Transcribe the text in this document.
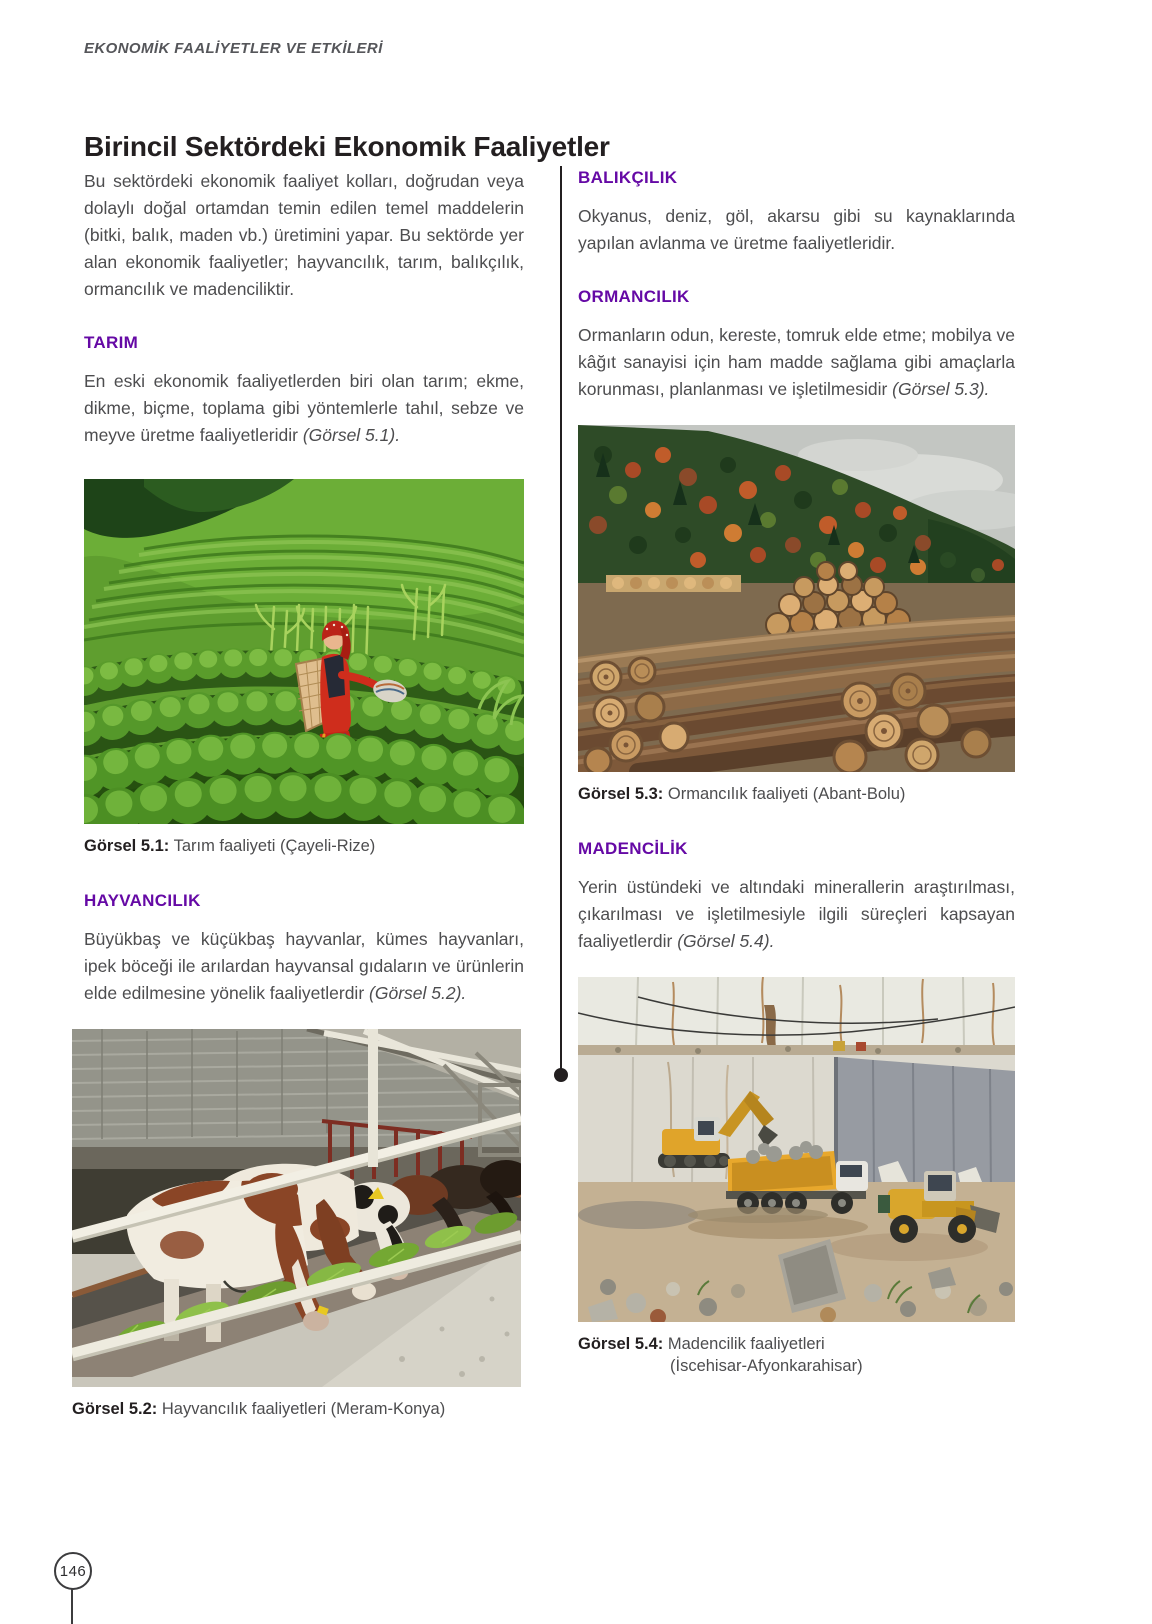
EKONOMİK FAALİYETLER VE ETKİLERİ
Birincil Sektördeki Ekonomik Faaliyetler

Bu sektördeki ekonomik faaliyet kolları, doğrudan veya dolaylı doğal ortamdan temin edilen temel maddelerin (bitki, balık, maden vb.) üretimini yapar. Bu sektörde yer alan ekonomik faaliyetler; hayvancılık, tarım, balıkçılık, ormancılık ve madenciliktir.

TARIM

En eski ekonomik faaliyetlerden biri olan tarım; ekme, dikme, biçme, toplama gibi yöntemlerle tahıl, sebze ve meyve üretme faaliyetleridir (Görsel 5.1).

Görsel 5.1: Tarım faaliyeti (Çayeli-Rize)
HAYVANCILIK

Büyükbaş ve küçükbaş hayvanlar, kümes hayvanları, ipek böceği ile arılardan hayvansal gıdaların ve ürünlerin elde edilmesine yönelik faaliyetlerdir (Görsel 5.2).

Görsel 5.2: Hayvancılık faaliyetleri (Meram-Konya)
BALIKÇILIK

Okyanus, deniz, göl, akarsu gibi su kaynaklarında yapılan avlanma ve üretme faaliyetleridir.

ORMANCILIK

Ormanların odun, kereste, tomruk elde etme; mobilya ve kâğıt sanayisi için ham madde sağlama gibi amaçlarla korunması, planlanması ve işletilmesidir (Görsel 5.3).

Görsel 5.3: Ormancılık faaliyeti (Abant-Bolu)
MADENCİLİK

Yerin üstündeki ve altındaki minerallerin araştırılması, çıkarılması ve işletilmesiyle ilgili süreçleri kapsayan faaliyetlerdir (Görsel 5.4).

Görsel 5.4: Madencilik faaliyetleri
(İscehisar-Afyonkarahisar)
146
